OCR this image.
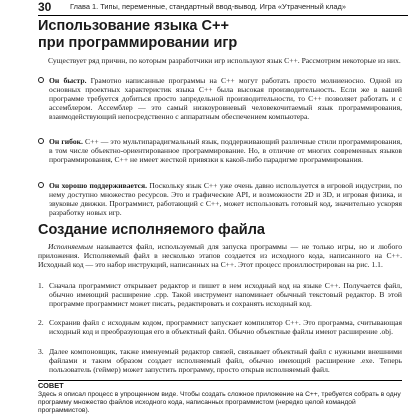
30	Глава 1. Типы, переменные, стандартный ввод-вывод. Игра «Утраченный клад»
Использование языка С++
при программировании игр
Существует ряд причин, по которым разработчики игр используют язык С++. Рассмотрим некоторые из них.
Он быстр. Грамотно написанные программы на С++ могут работать просто молниеносно. Одной из основных проектных характеристик языка С++ была высокая производительность. Если же в вашей программе требуется добиться просто запредельной производительности, то С++ позволяет работать и с ассемблером. Ассемблер — это самый низкоуровневый человекочитаемый язык программирования, взаимодействующий непосредственно с аппаратным обеспечением компьютера.
Он гибок. С++ — это мультипарадигмальный язык, поддерживающий различные стили программирования, в том числе объектно-ориентированное программирование. Но, в отличие от многих современных языков программирования, С++ не имеет жесткой привязки к какой-либо парадигме программирования.
Он хорошо поддерживается. Поскольку язык С++ уже очень давно используется в игровой индустрии, по нему доступно множество ресурсов. Это и графические API, и возможности 2D и 3D, и игровая физика, и звуковые движки. Программист, работающий с С++, может использовать готовый код, значительно ускоряя разработку новых игр.
Создание исполняемого файла
Исполняемым называется файл, используемый для запуска программы — не только игры, но и любого приложения. Исполняемый файл в несколько этапов создается из исходного кода, написанного на С++. Исходный код — это набор инструкций, написанных на С++. Этот процесс проиллюстрирован на рис. 1.1.
1. Сначала программист открывает редактор и пишет в нем исходный код на языке С++. Получается файл, обычно имеющий расширение .cpp. Такой инструмент напоминает обычный текстовый редактор. В этой программе программист может писать, редактировать и сохранять исходный код.
2. Сохранив файл с исходным кодом, программист запускает компилятор С++. Это программа, считывающая исходный код и преобразующая его в объектный файл. Обычно объектные файлы имеют расширение .obj.
3. Далее компоновщик, также именуемый редактор связей, связывает объектный файл с нужными внешними файлами и таким образом создает исполняемый файл, обычно имеющий расширение .exe. Теперь пользователь (геймер) может запустить программу, просто открыв исполняемый файл.
СОВЕТ
Здесь я описал процесс в упрощенном виде. Чтобы создать сложное приложение на С++, требуется собрать в одну программу множество файлов исходного кода, написанных программистом (нередко целой командой программистов).
